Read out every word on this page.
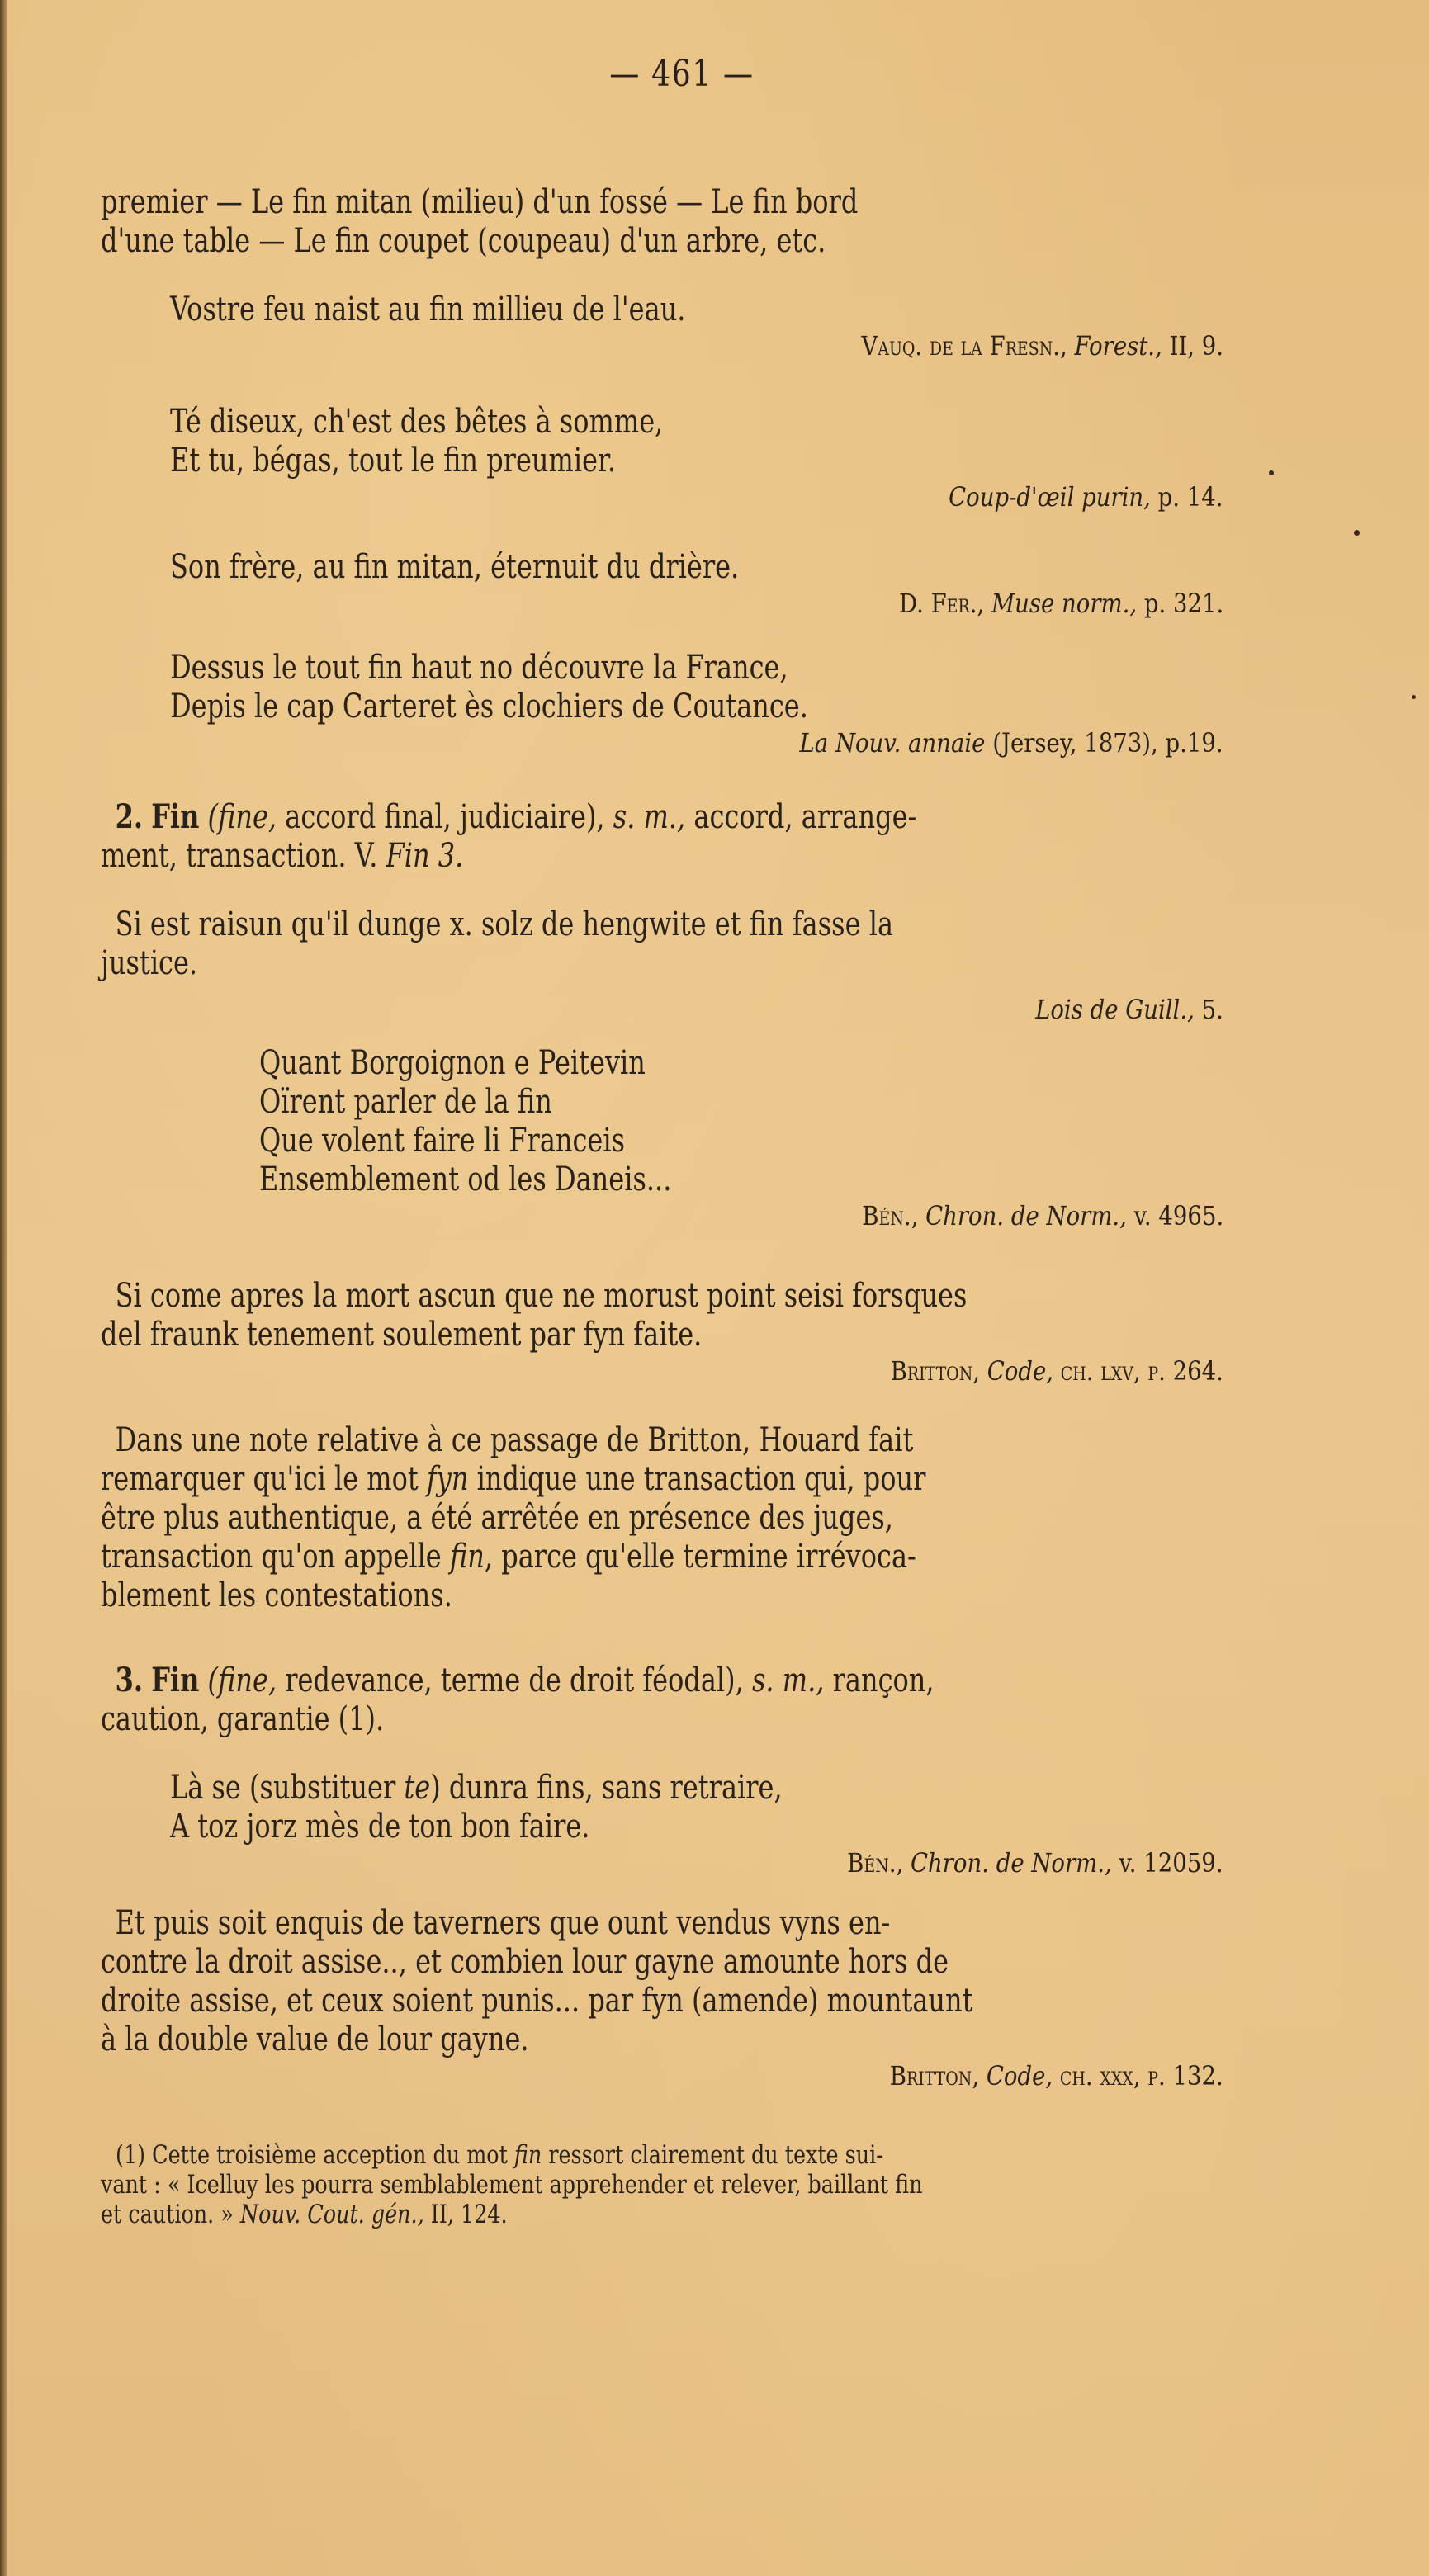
— 461 —
premier — Le fin mitan (milieu) d'un fossé — Le fin bord
d'une table — Le fin coupet (coupeau) d'un arbre, etc.
Vostre feu naist au fin millieu de l'eau.
Vauq. de la Fresn., Forest., II, 9.
Té diseux, ch'est des bêtes à somme,
Et tu, bégas, tout le fin preumier.
Coup-d'œil purin, p. 14.
Son frère, au fin mitan, éternuit du drière.
D. Fer., Muse norm., p. 321.
Dessus le tout fin haut no découvre la France,
Depis le cap Carteret ès clochiers de Coutance.
La Nouv. annaie (Jersey, 1873), p.19.
2. Fin (fine, accord final, judiciaire), s. m., accord, arrange-
ment, transaction. V. Fin 3.
Si est raisun qu'il dunge x. solz de hengwite et fin fasse la
justice.
Lois de Guill., 5.
Quant Borgoignon e Peitevin
Oïrent parler de la fin
Que volent faire li Franceis
Ensemblement od les Daneis...
Bén., Chron. de Norm., v. 4965.
Si come apres la mort ascun que ne morust point seisi forsques
del fraunk tenement soulement par fyn faite.
Britton, Code, ch. lxv, p. 264.
Dans une note relative à ce passage de Britton, Houard fait
remarquer qu'ici le mot fyn indique une transaction qui, pour
être plus authentique, a été arrêtée en présence des juges,
transaction qu'on appelle fin, parce qu'elle termine irrévoca-
blement les contestations.
3. Fin (fine, redevance, terme de droit féodal), s. m., rançon,
caution, garantie (1).
Là se (substituer te) dunra fins, sans retraire,
A toz jorz mès de ton bon faire.
Bén., Chron. de Norm., v. 12059.
Et puis soit enquis de taverners que ount vendus vyns en-
contre la droit assise.., et combien lour gayne amounte hors de
droite assise, et ceux soient punis... par fyn (amende) mountaunt
à la double value de lour gayne.
Britton, Code, ch. xxx, p. 132.
(1) Cette troisième acception du mot fin ressort clairement du texte sui-
vant : « Icelluy les pourra semblablement apprehender et relever, baillant fin
et caution. » Nouv. Cout. gén., II, 124.
